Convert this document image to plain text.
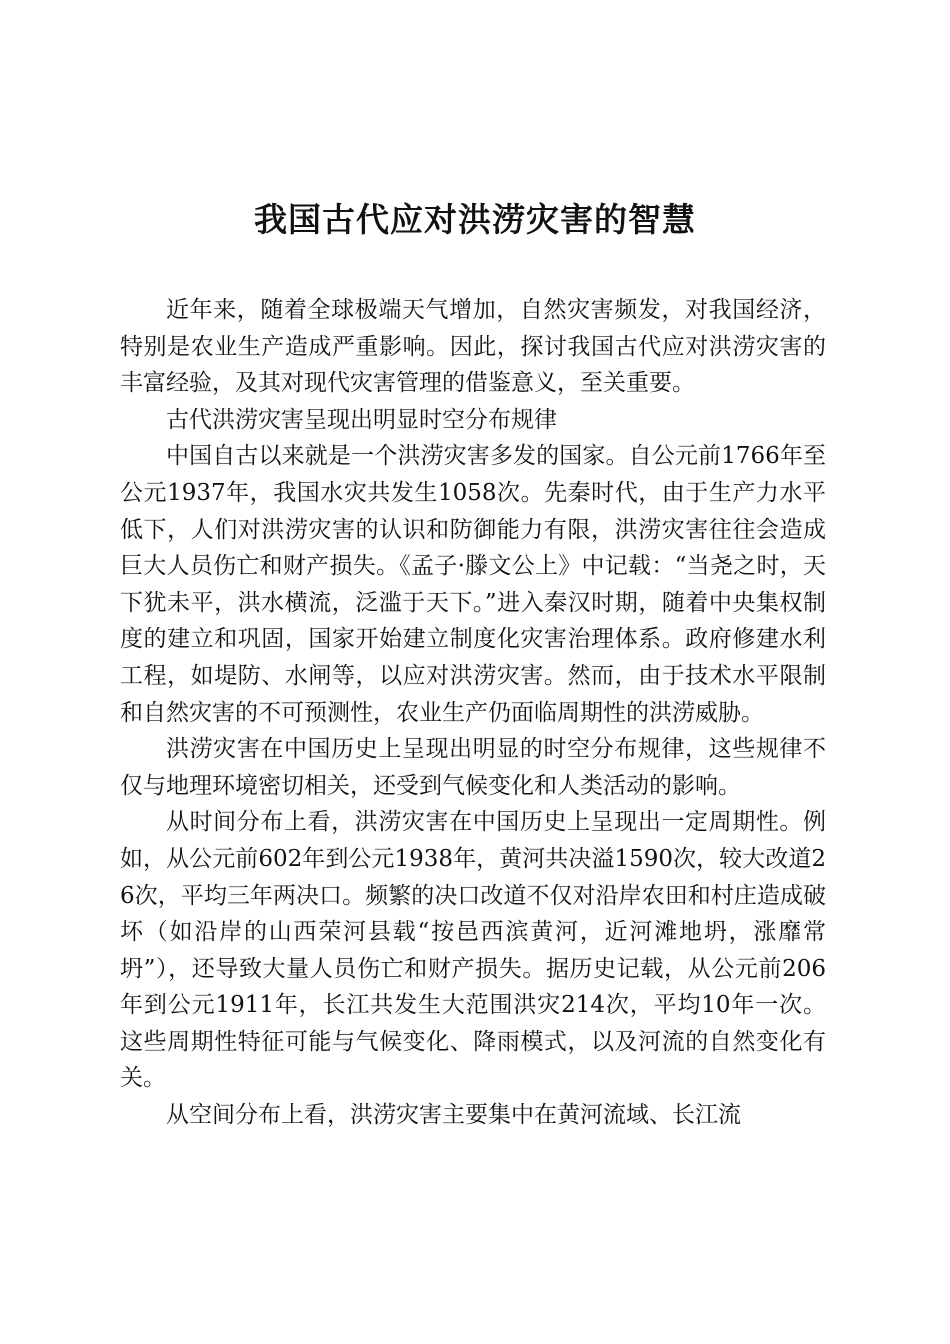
我国古代应对洪涝灾害的智慧

近年来，随着全球极端天气增加，自然灾害频发，对我国经济，特别是农业生产造成严重影响。因此，探讨我国古代应对洪涝灾害的丰富经验，及其对现代灾害管理的借鉴意义，至关重要。

古代洪涝灾害呈现出明显时空分布规律

中国自古以来就是一个洪涝灾害多发的国家。自公元前1766年至公元1937年，我国水灾共发生1058次。先秦时代，由于生产力水平低下，人们对洪涝灾害的认识和防御能力有限，洪涝灾害往往会造成巨大人员伤亡和财产损失。《孟子·滕文公上》中记载：“当尧之时，天下犹未平，洪水横流，泛滥于天下。”进入秦汉时期，随着中央集权制度的建立和巩固，国家开始建立制度化灾害治理体系。政府修建水利工程，如堤防、水闸等，以应对洪涝灾害。然而，由于技术水平限制和自然灾害的不可预测性，农业生产仍面临周期性的洪涝威胁。

洪涝灾害在中国历史上呈现出明显的时空分布规律，这些规律不仅与地理环境密切相关，还受到气候变化和人类活动的影响。

从时间分布上看，洪涝灾害在中国历史上呈现出一定周期性。例如，从公元前602年到公元1938年，黄河共决溢1590次，较大改道26次，平均三年两决口。频繁的决口改道不仅对沿岸农田和村庄造成破坏（如沿岸的山西荣河县载“按邑西滨黄河，近河滩地坍，涨靡常坍”），还导致大量人员伤亡和财产损失。据历史记载，从公元前206年到公元1911年，长江共发生大范围洪灾214次，平均10年一次。这些周期性特征可能与气候变化、降雨模式，以及河流的自然变化有关。

从空间分布上看，洪涝灾害主要集中在黄河流域、长江流
